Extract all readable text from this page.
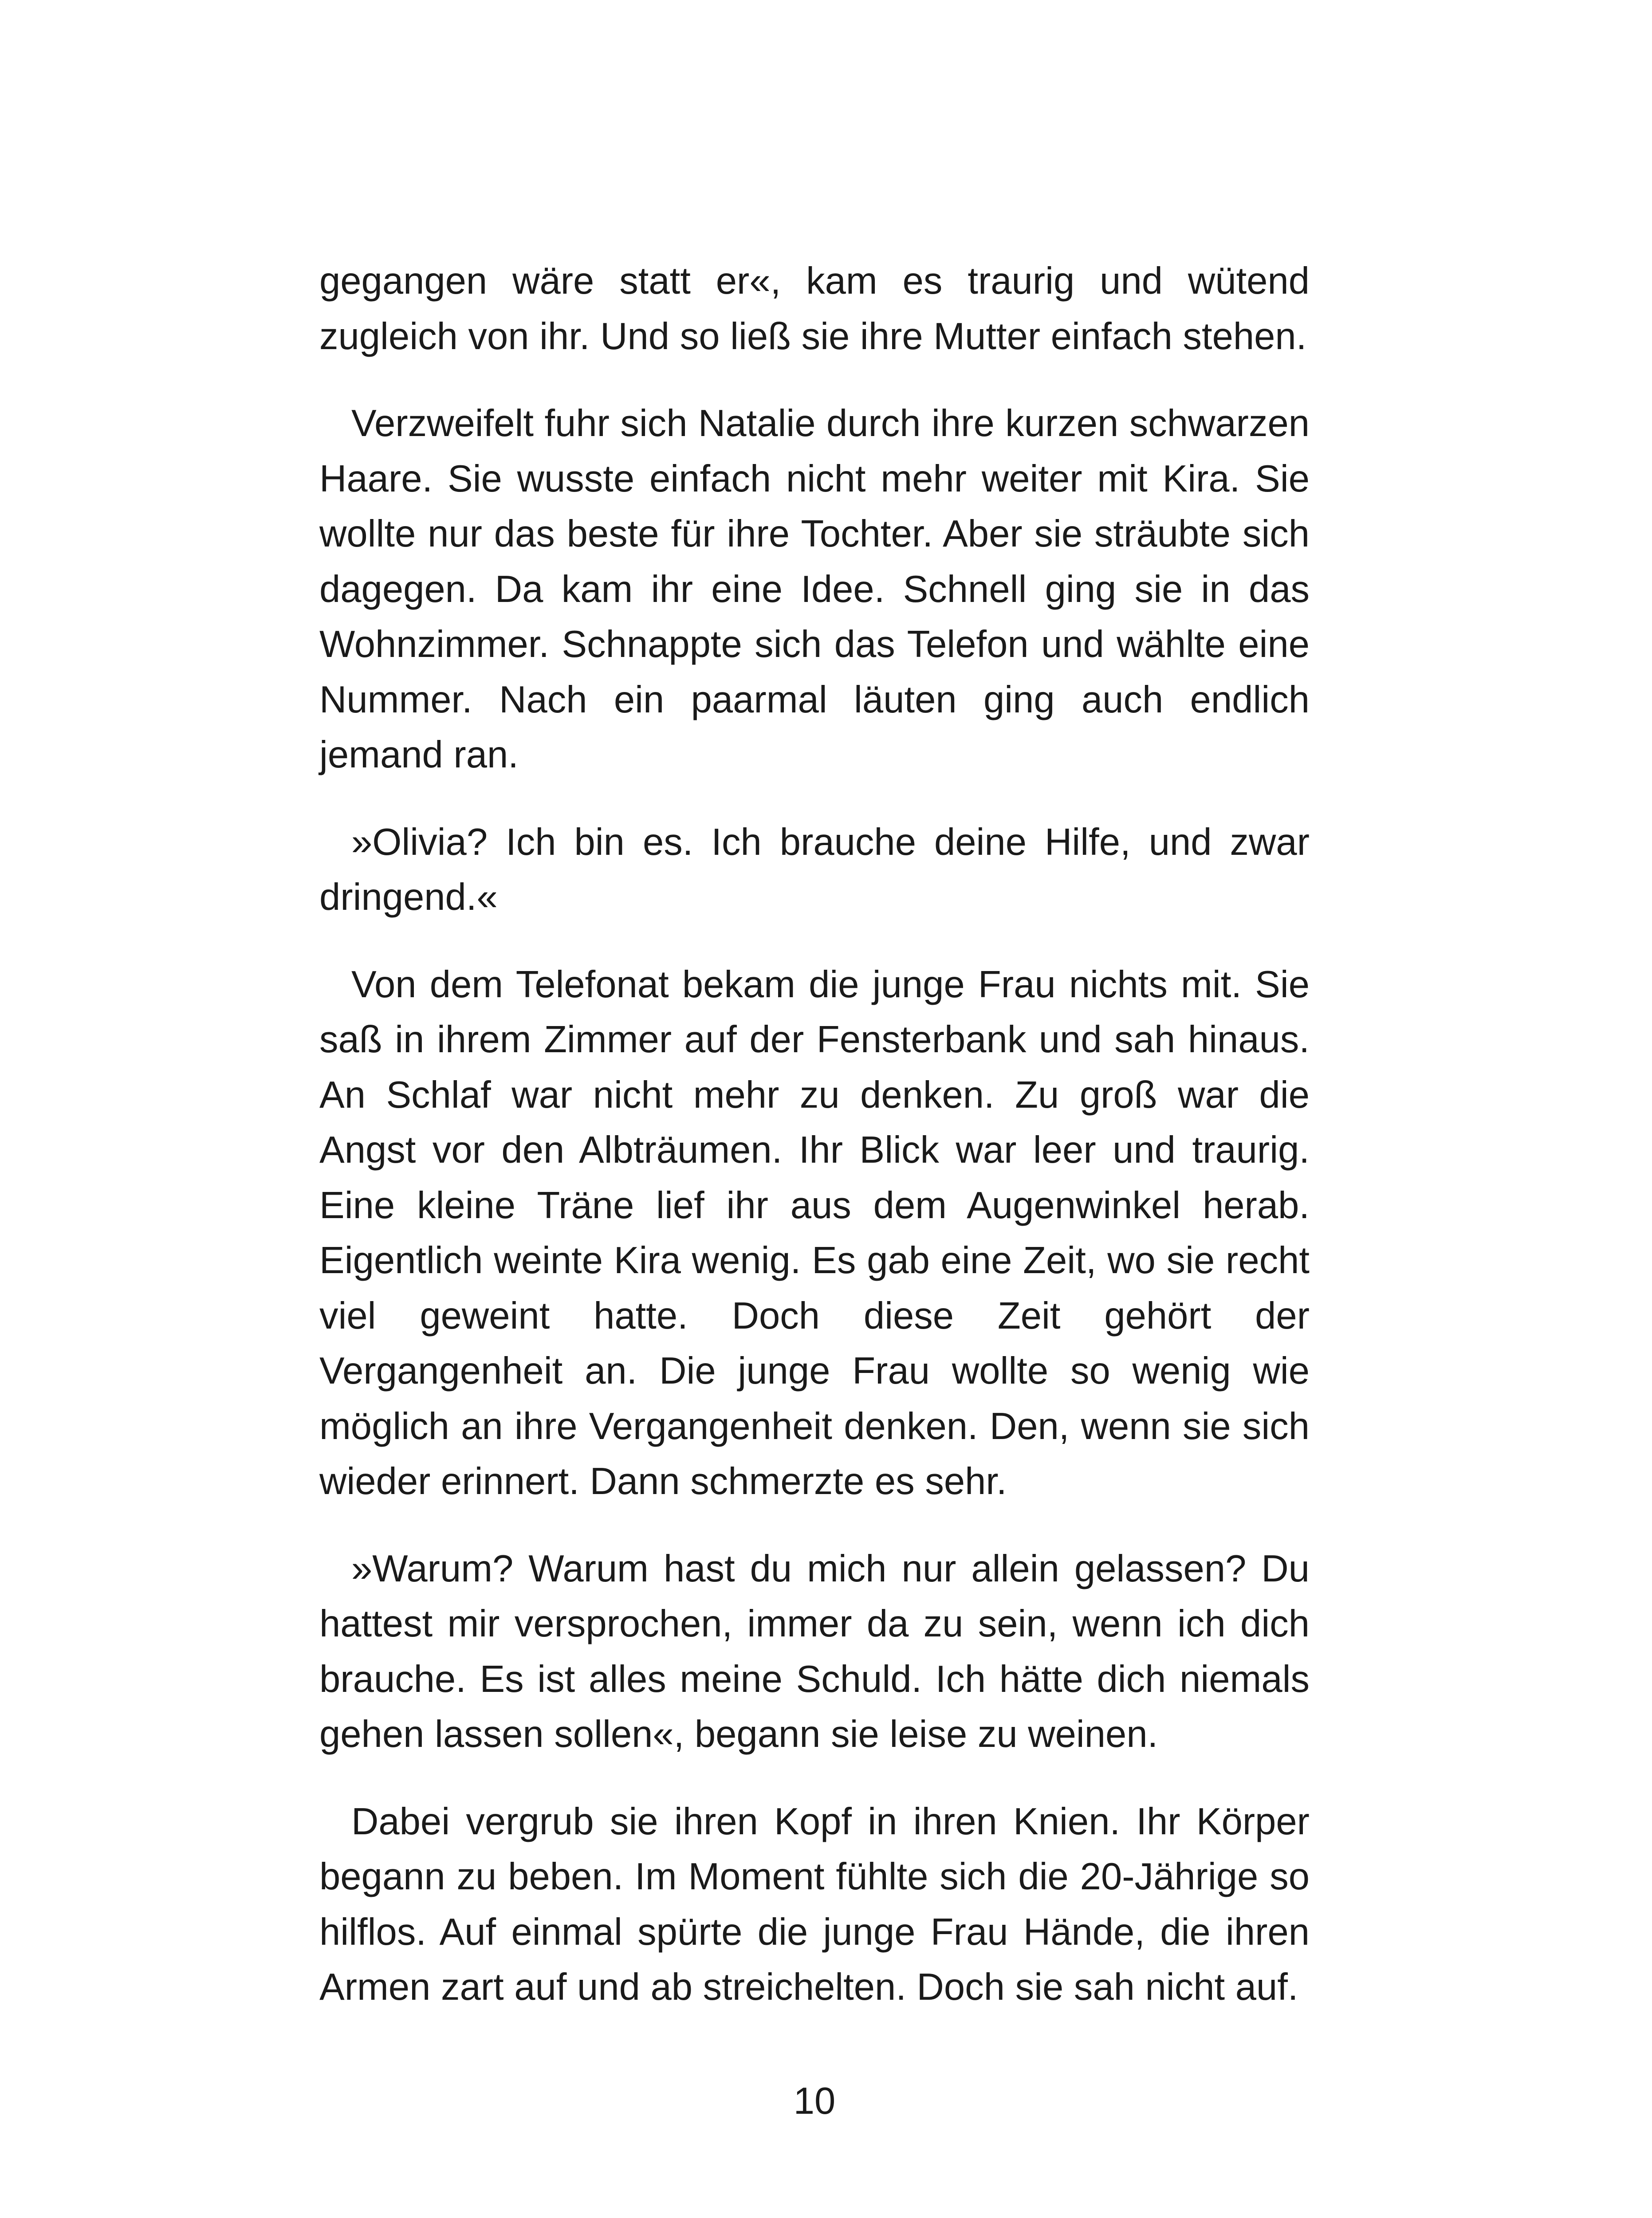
gegangen wäre statt er«, kam es traurig und wütend zugleich von ihr. Und so ließ sie ihre Mutter einfach stehen.

Verzweifelt fuhr sich Natalie durch ihre kurzen schwarzen Haare. Sie wusste einfach nicht mehr weiter mit Kira. Sie wollte nur das beste für ihre Tochter. Aber sie sträubte sich dagegen. Da kam ihr eine Idee. Schnell ging sie in das Wohnzimmer. Schnappte sich das Telefon und wählte eine Nummer. Nach ein paarmal läuten ging auch endlich jemand ran.

»Olivia? Ich bin es. Ich brauche deine Hilfe, und zwar dringend.«

Von dem Telefonat bekam die junge Frau nichts mit. Sie saß in ihrem Zimmer auf der Fensterbank und sah hinaus. An Schlaf war nicht mehr zu denken. Zu groß war die Angst vor den Albträumen. Ihr Blick war leer und traurig. Eine kleine Träne lief ihr aus dem Augenwinkel herab. Eigentlich weinte Kira wenig. Es gab eine Zeit, wo sie recht viel geweint hatte. Doch diese Zeit gehört der Vergangenheit an. Die junge Frau wollte so wenig wie möglich an ihre Vergangenheit denken. Den, wenn sie sich wieder erinnert. Dann schmerzte es sehr.

»Warum? Warum hast du mich nur allein gelassen? Du hattest mir versprochen, immer da zu sein, wenn ich dich brauche. Es ist alles meine Schuld. Ich hätte dich niemals gehen lassen sollen«, begann sie leise zu weinen.

Dabei vergrub sie ihren Kopf in ihren Knien. Ihr Körper begann zu beben. Im Moment fühlte sich die 20-Jährige so hilflos. Auf einmal spürte die junge Frau Hände, die ihren Armen zart auf und ab streichelten. Doch sie sah nicht auf.

10
